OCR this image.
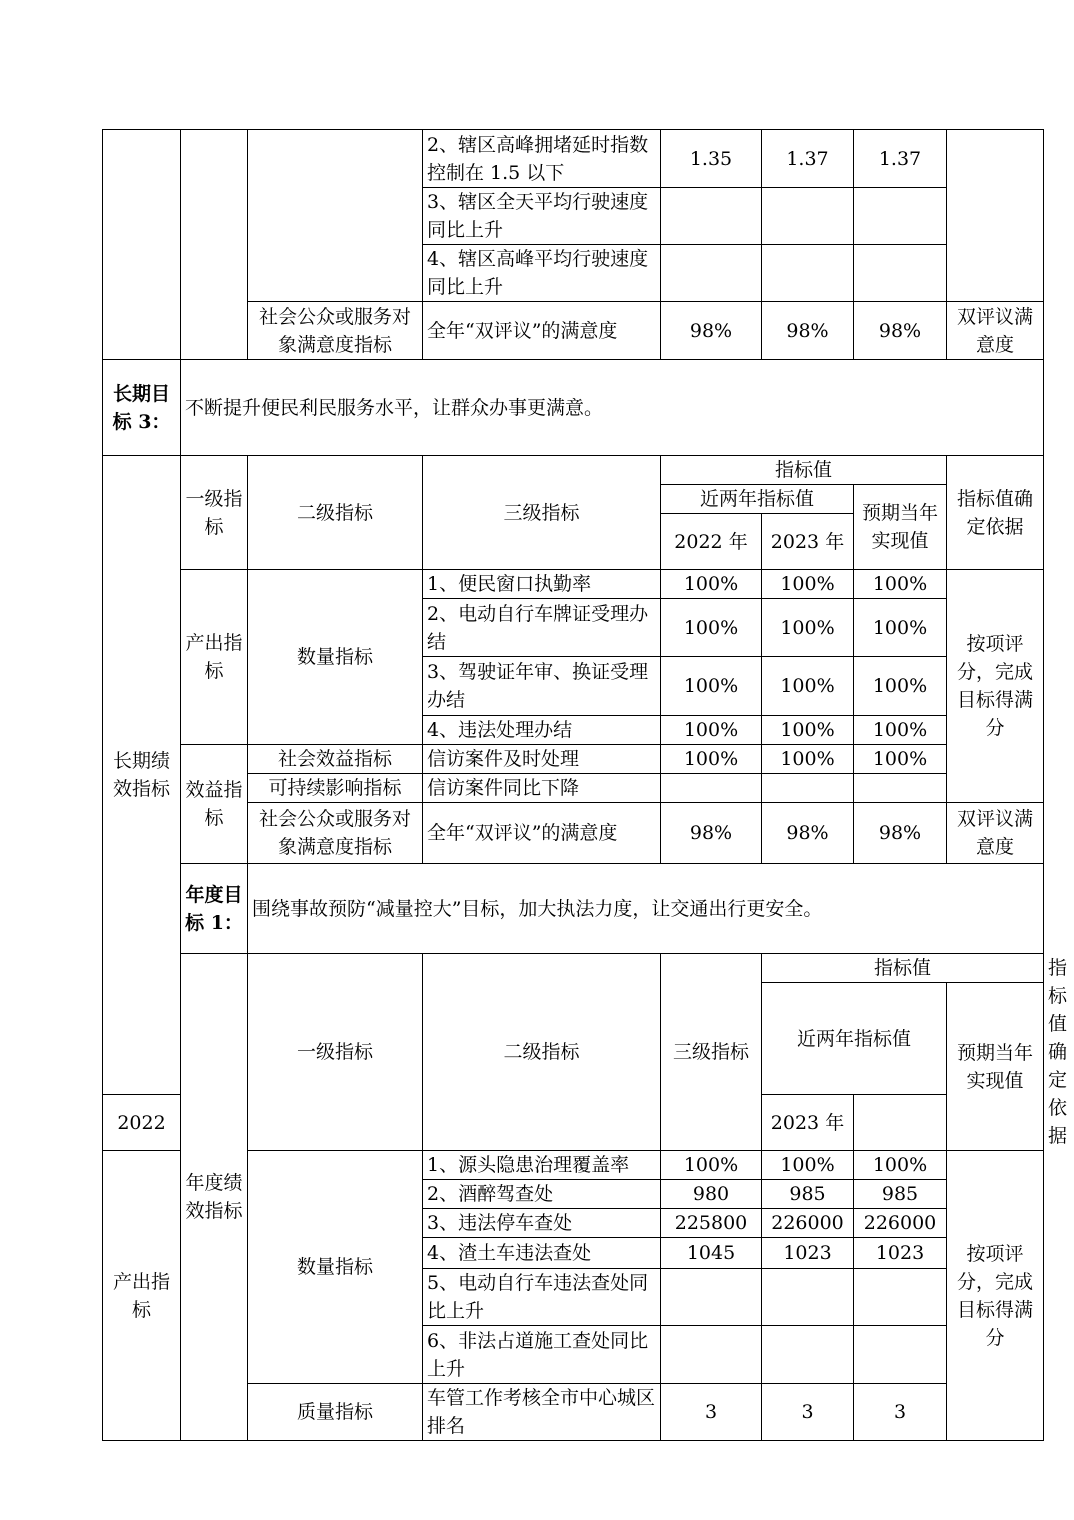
			2、辖区高峰拥堵延时指数控制在 1.5 以下	1.35	1.37	1.37		
			3、辖区全天平均行驶速度同比上升					
			4、辖区高峰平均行驶速度同比上升					
		社会公众或服务对象满意度指标	全年“双评议”的满意度	98%	98%	98%	双评议满意度	
长期目标 3：	不断提升便民利民服务水平，让群众办事更满意。							
长期绩效指标	一级指标	二级指标	三级指标	指标值			指标值确定依据	
				近两年指标值		预期当年实现值		
				2022 年	2023 年			
	产出指标	数量指标	1、便民窗口执勤率	100%	100%	100%	按项评分，完成目标得满分	
			2、电动自行车牌证受理办结	100%	100%	100%		
			3、驾驶证年审、换证受理办结	100%	100%	100%		
			4、违法处理办结	100%	100%	100%		
	效益指标	社会效益指标	信访案件及时处理	100%	100%	100%		
		可持续影响指标	信访案件同比下降					
		社会公众或服务对象满意度指标	全年“双评议”的满意度	98%	98%	98%	双评议满意度	

	年度目标 1：	围绕事故预防“减量控大”目标，加大执法力度，让交通出行更安全。						
	年度绩效指标	一级指标	二级指标	三级指标	指标值			指标值确定依据
					近两年指标值		预期当年实现值	
2022					2023 年			
产出指标		数量指标	1、源头隐患治理覆盖率	100%	100%	100%	按项评分，完成目标得满分	
			2、酒醉驾查处	980	985	985		
			3、违法停车查处	225800	226000	226000		
			4、渣土车违法查处	1045	1023	1023		
			5、电动自行车违法查处同比上升					
			6、非法占道施工查处同比上升					
		质量指标	车管工作考核全市中心城区排名	3	3	3		
